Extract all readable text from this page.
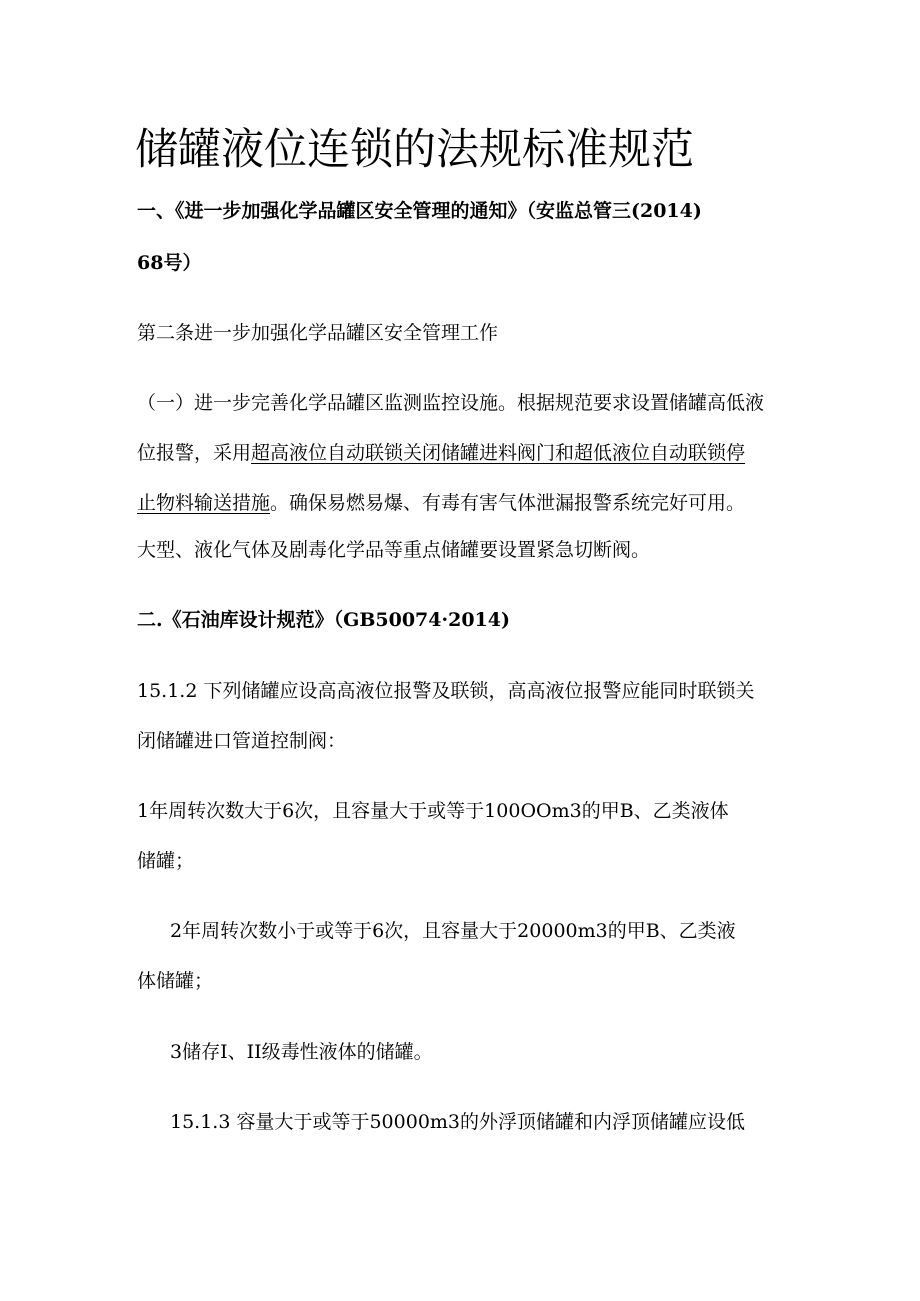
储罐液位连锁的法规标准规范
一、《进一步加强化学品罐区安全管理的通知》（安监总管三(2014)
68号）
第二条进一步加强化学品罐区安全管理工作
（一）进一步完善化学品罐区监测监控设施。根据规范要求设置储罐高低液
位报警，采用超高液位自动联锁关闭储罐进料阀门和超低液位自动联锁停
止物料输送措施。确保易燃易爆、有毒有害气体泄漏报警系统完好可用。
大型、液化气体及剧毒化学品等重点储罐要设置紧急切断阀。
二.《石油库设计规范》（GB50074·2014)
15.1.2 下列储罐应设高高液位报警及联锁，高高液位报警应能同时联锁关
闭储罐进口管道控制阀：
1年周转次数大于6次，且容量大于或等于100OOm3的甲B、乙类液体
储罐；
2年周转次数小于或等于6次，且容量大于20000m3的甲B、乙类液
体储罐；
3储存I、II级毒性液体的储罐。
15.1.3 容量大于或等于50000m3的外浮顶储罐和内浮顶储罐应设低
